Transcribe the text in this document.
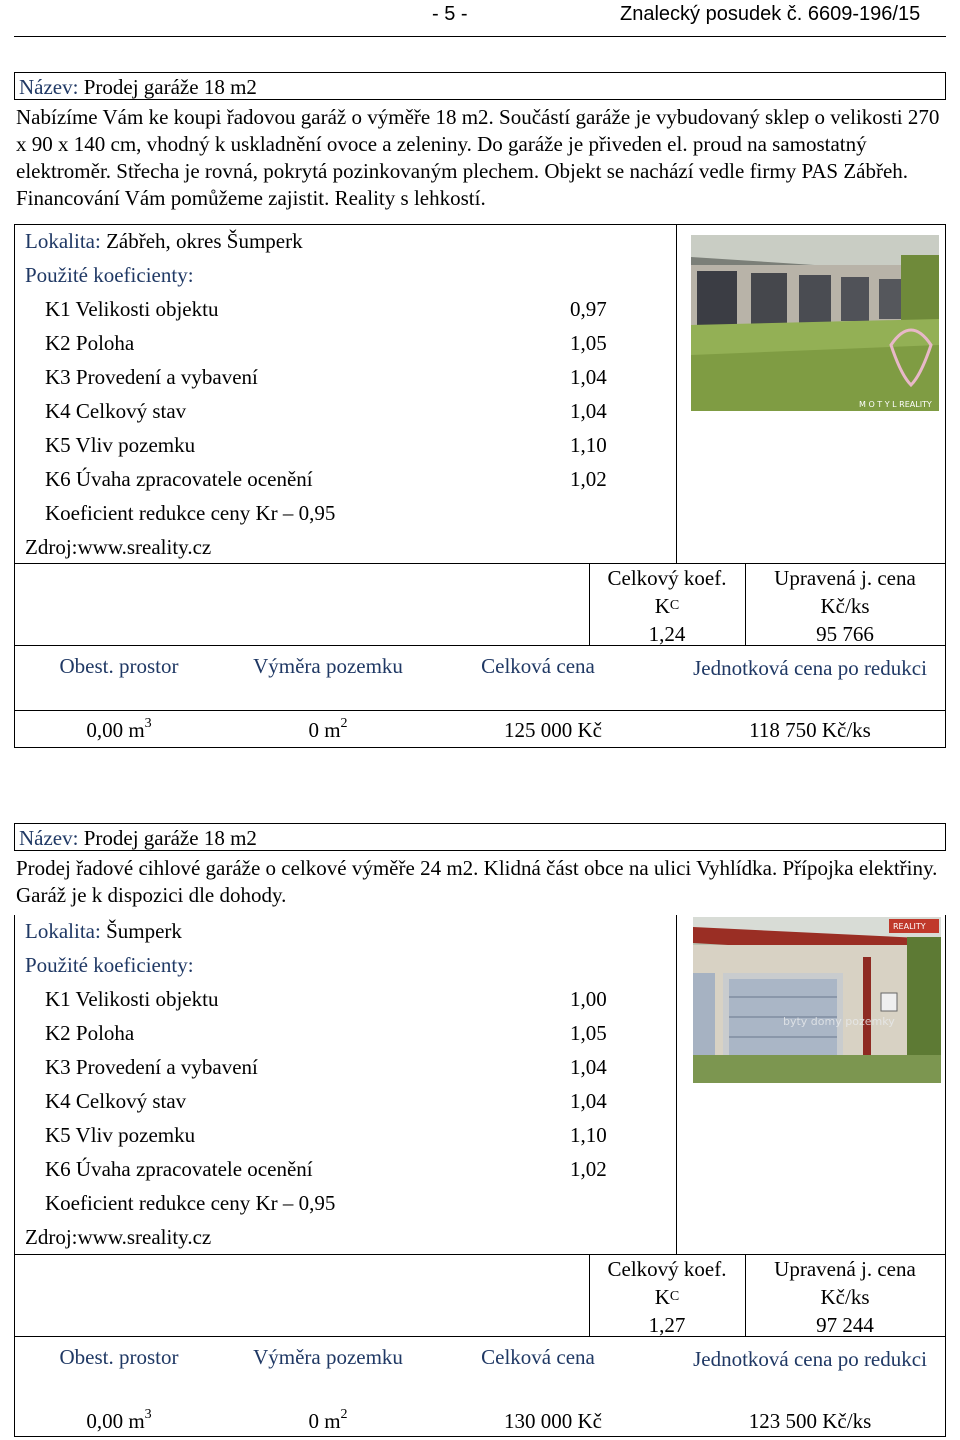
- 5 -	Znalecký posudek č. 6609-196/15
Název: Prodej garáže 18 m2
Nabízíme Vám ke koupi řadovou garáž o výměře 18 m2. Součástí garáže je vybudovaný sklep o velikosti 270 x 90 x 140 cm, vhodný k uskladnění ovoce a zeleniny. Do garáže je přiveden el. proud na samostatný elektroměr. Střecha je rovná, pokrytá pozinkovaným plechem. Objekt se nachází vedle firmy PAS Zábřeh. Financování Vám pomůžeme zajistit. Reality s lehkostí.
Lokalita: Zábřeh, okres Šumperk
Použité koeficienty:
K1 Velikosti objektu	0,97
K2 Poloha	1,05
K3 Provedení a vybavení	1,04
K4 Celkový stav	1,04
K5 Vliv pozemku	1,10
K6 Úvaha zpracovatele ocenění	1,02
Koeficient redukce ceny Kr – 0,95
Zdroj:www.sreality.cz
M O T Y L REALITY
Celkový koef.
KC
1,24
Upravená j. cena
Kč/ks
95 766
Obest. prostor	Výměra pozemku	Celková cena	Jednotková cena po redukci
0,00 $m^3$	0 $m^2$	125 000 Kč	118 750 Kč/ks
Název: Prodej garáže 18 m2
Prodej řadové cihlové garáže o celkové výměře 24 m2. Klidná část obce na ulici Vyhlídka. Přípojka elektřiny. Garáž je k dispozici dle dohody.
Lokalita: Šumperk
Použité koeficienty:
K1 Velikosti objektu	1,00
K2 Poloha	1,05
K3 Provedení a vybavení	1,04
K4 Celkový stav	1,04
K5 Vliv pozemku	1,10
K6 Úvaha zpracovatele ocenění	1,02
Koeficient redukce ceny Kr – 0,95
Zdroj:www.sreality.cz
REALITY
byty domy pozemky
Celkový koef.
KC
1,27
Upravená j. cena
Kč/ks
97 244
Obest. prostor	Výměra pozemku	Celková cena	Jednotková cena po redukci
0,00 $m^3$	0 $m^2$	130 000 Kč	123 500 Kč/ks
